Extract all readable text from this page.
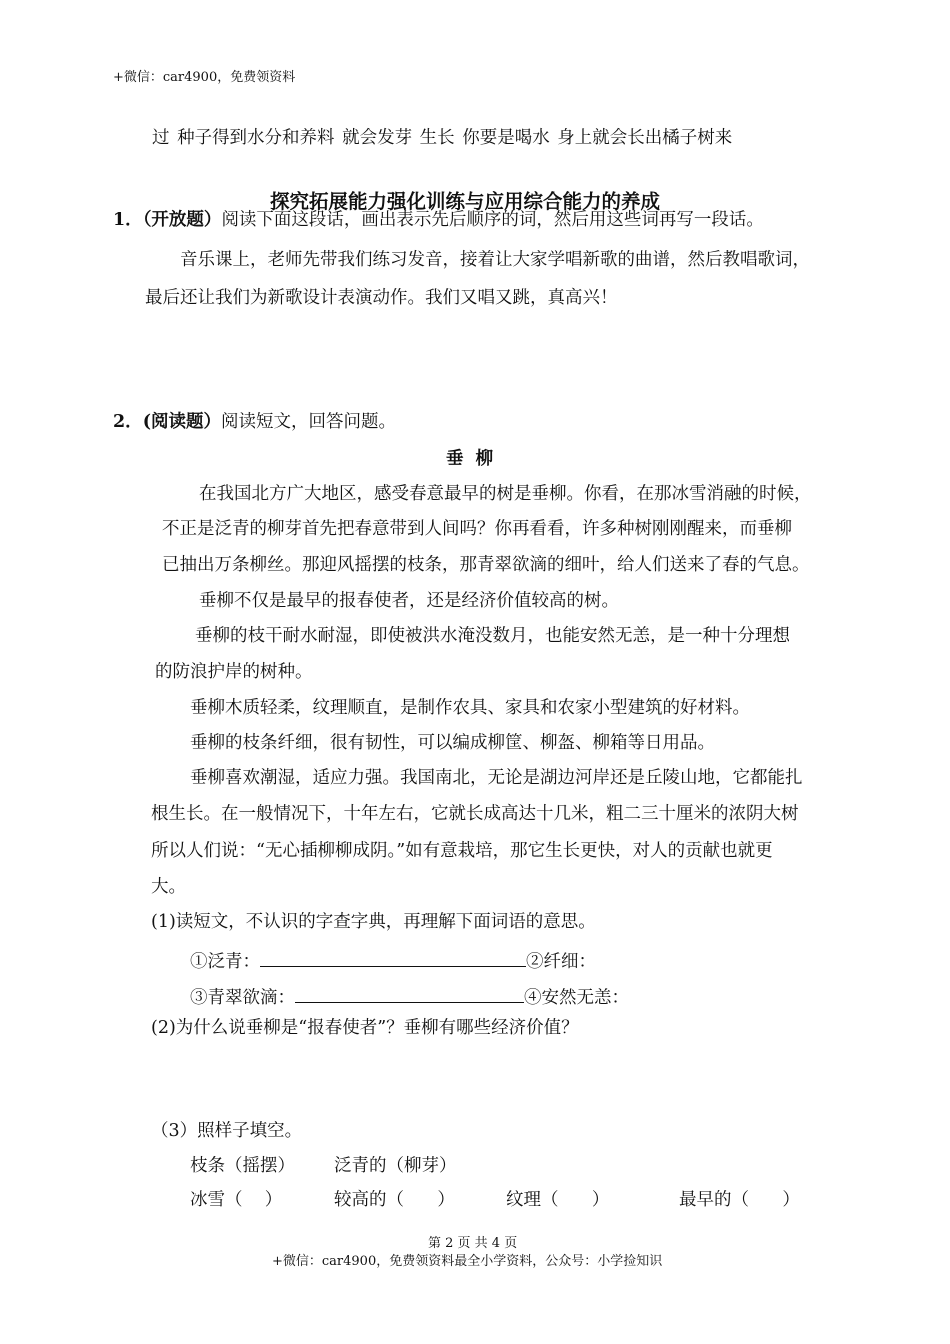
+微信：car4900，免费领资料
过 种子得到水分和养料 就会发芽 生长 你要是喝水 身上就会长出橘子树来
探究拓展能力强化训练与应用综合能力的养成
1．（开放题）阅读下面这段话，画出表示先后顺序的词，然后用这些词再写一段话。
音乐课上，老师先带我们练习发音，接着让大家学唱新歌的曲谱，然后教唱歌词，
最后还让我们为新歌设计表演动作。我们又唱又跳，真高兴！
2．(阅读题）阅读短文，回答问题。
垂  柳
在我国北方广大地区，感受春意最早的树是垂柳。你看，在那冰雪消融的时候，
不正是泛青的柳芽首先把春意带到人间吗？你再看看，许多种树刚刚醒来，而垂柳
已抽出万条柳丝。那迎风摇摆的枝条，那青翠欲滴的细叶，给人们送来了春的气息。
垂柳不仅是最早的报春使者，还是经济价值较高的树。
垂柳的枝干耐水耐湿，即使被洪水淹没数月，也能安然无恙，是一种十分理想
的防浪护岸的树种。
垂柳木质轻柔，纹理顺直，是制作农具、家具和农家小型建筑的好材料。
垂柳的枝条纤细，很有韧性，可以编成柳筐、柳盔、柳箱等日用品。
垂柳喜欢潮湿，适应力强。我国南北，无论是湖边河岸还是丘陵山地，它都能扎
根生长。在一般情况下，十年左右，它就长成高达十几米，粗二三十厘米的浓阴大树
所以人们说：“无心插柳柳成阴。”如有意栽培，那它生长更快，对人的贡献也就更
大。
(1)读短文，不认识的字查字典，再理解下面词语的意思。
①泛青：	②纤细：
③青翠欲滴：	④安然无恙：
(2)为什么说垂柳是“报春使者”？垂柳有哪些经济价值？
（3）照样子填空。
枝条（摇摆） 泛青的（柳芽）
冰雪（    ）	较高的（      ）	纹理（      ）	最早的（      ）
第 2 页 共 4 页
+微信：car4900，免费领资料最全小学资料，公众号：小学捡知识
